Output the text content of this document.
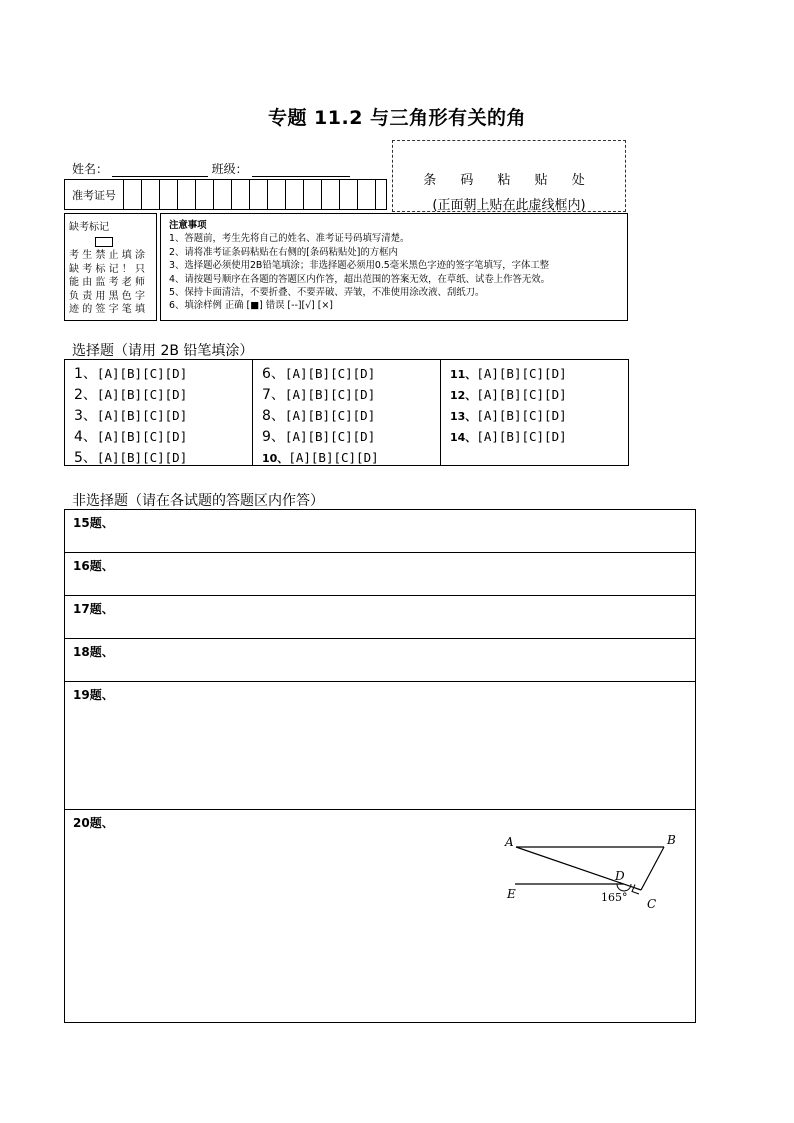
专题 11.2 与三角形有关的角
姓名：	班级：
条 码 粘 贴 处
(正面朝上贴在此虚线框内)
准考证号															
缺考标记
考生禁止填涂缺考标记！只能由监考老师负责用黑色字迹的签字笔填
注意事项
1、答题前，考生先将自己的姓名、准考证号码填写清楚。
2、请将准考证条码粘贴在右侧的[条码粘贴处]的方框内
3、选择题必须使用2B铅笔填涂；非选择题必须用0.5毫米黑色字迹的签字笔填写，字体工整
4、请按题号顺序在各题的答题区内作答，超出范围的答案无效，在草纸、试卷上作答无效。
5、保持卡面清洁，不要折叠、不要弄破、弄皱，不准使用涂改液、刮纸刀。
6、填涂样例 正确 [■] 错误 [--][√] [×]
选择题（请用 2B 铅笔填涂）
1、[A][B][C][D]
2、[A][B][C][D]
3、[A][B][C][D]
4、[A][B][C][D]
5、[A][B][C][D]
6、[A][B][C][D]
7、[A][B][C][D]
8、[A][B][C][D]
9、[A][B][C][D]
10、[A][B][C][D]
11、[A][B][C][D]
12、[A][B][C][D]
13、[A][B][C][D]
14、[A][B][C][D]
非选择题（请在各试题的答题区内作答）
15题、
16题、
17题、
18题、
19题、
20题、
A	B
C
D
E	165°
